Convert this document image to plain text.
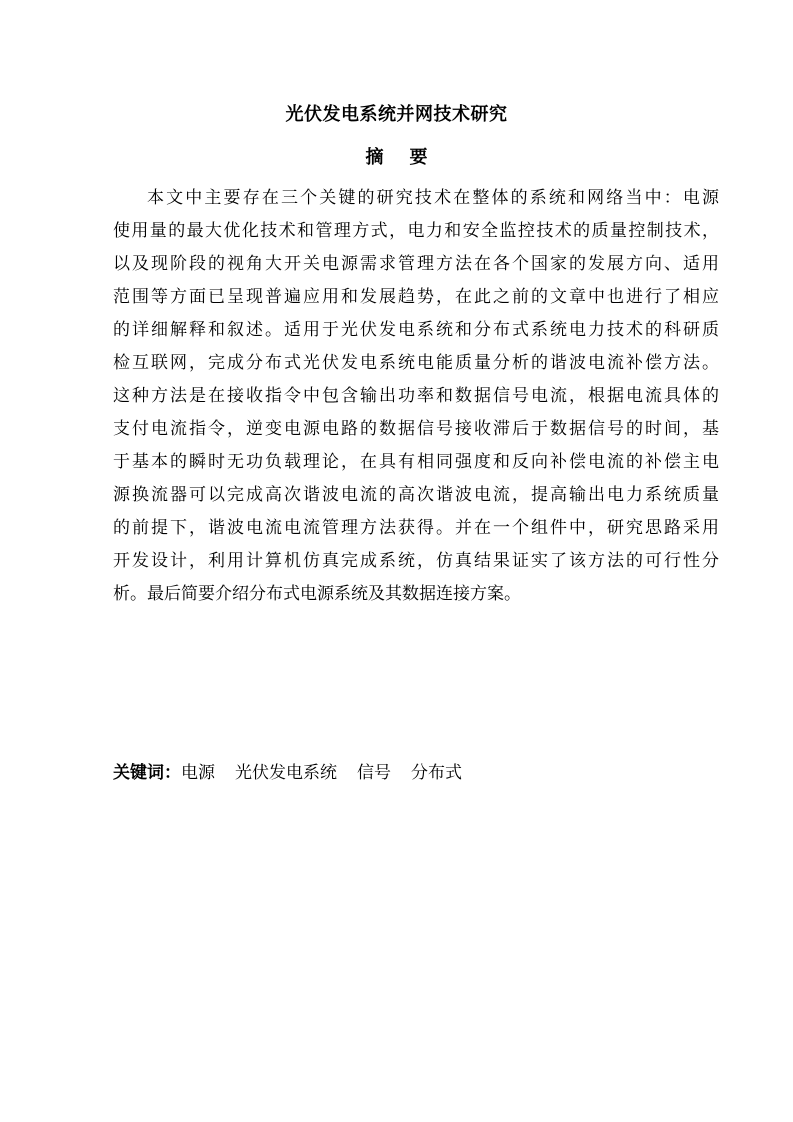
光伏发电系统并网技术研究
摘 要
本文中主要存在三个关键的研究技术在整体的系统和网络当中：电源
使用量的最大优化技术和管理方式，电力和安全监控技术的质量控制技术，
以及现阶段的视角大开关电源需求管理方法在各个国家的发展方向、适用
范围等方面已呈现普遍应用和发展趋势，在此之前的文章中也进行了相应
的详细解释和叙述。适用于光伏发电系统和分布式系统电力技术的科研质
检互联网，完成分布式光伏发电系统电能质量分析的谐波电流补偿方法。
这种方法是在接收指令中包含输出功率和数据信号电流，根据电流具体的
支付电流指令，逆变电源电路的数据信号接收滞后于数据信号的时间，基
于基本的瞬时无功负载理论，在具有相同强度和反向补偿电流的补偿主电
源换流器可以完成高次谐波电流的高次谐波电流，提高输出电力系统质量
的前提下，谐波电流电流管理方法获得。并在一个组件中，研究思路采用
开发设计，利用计算机仿真完成系统，仿真结果证实了该方法的可行性分
析。最后简要介绍分布式电源系统及其数据连接方案。
关键词：电源 光伏发电系统 信号 分布式
